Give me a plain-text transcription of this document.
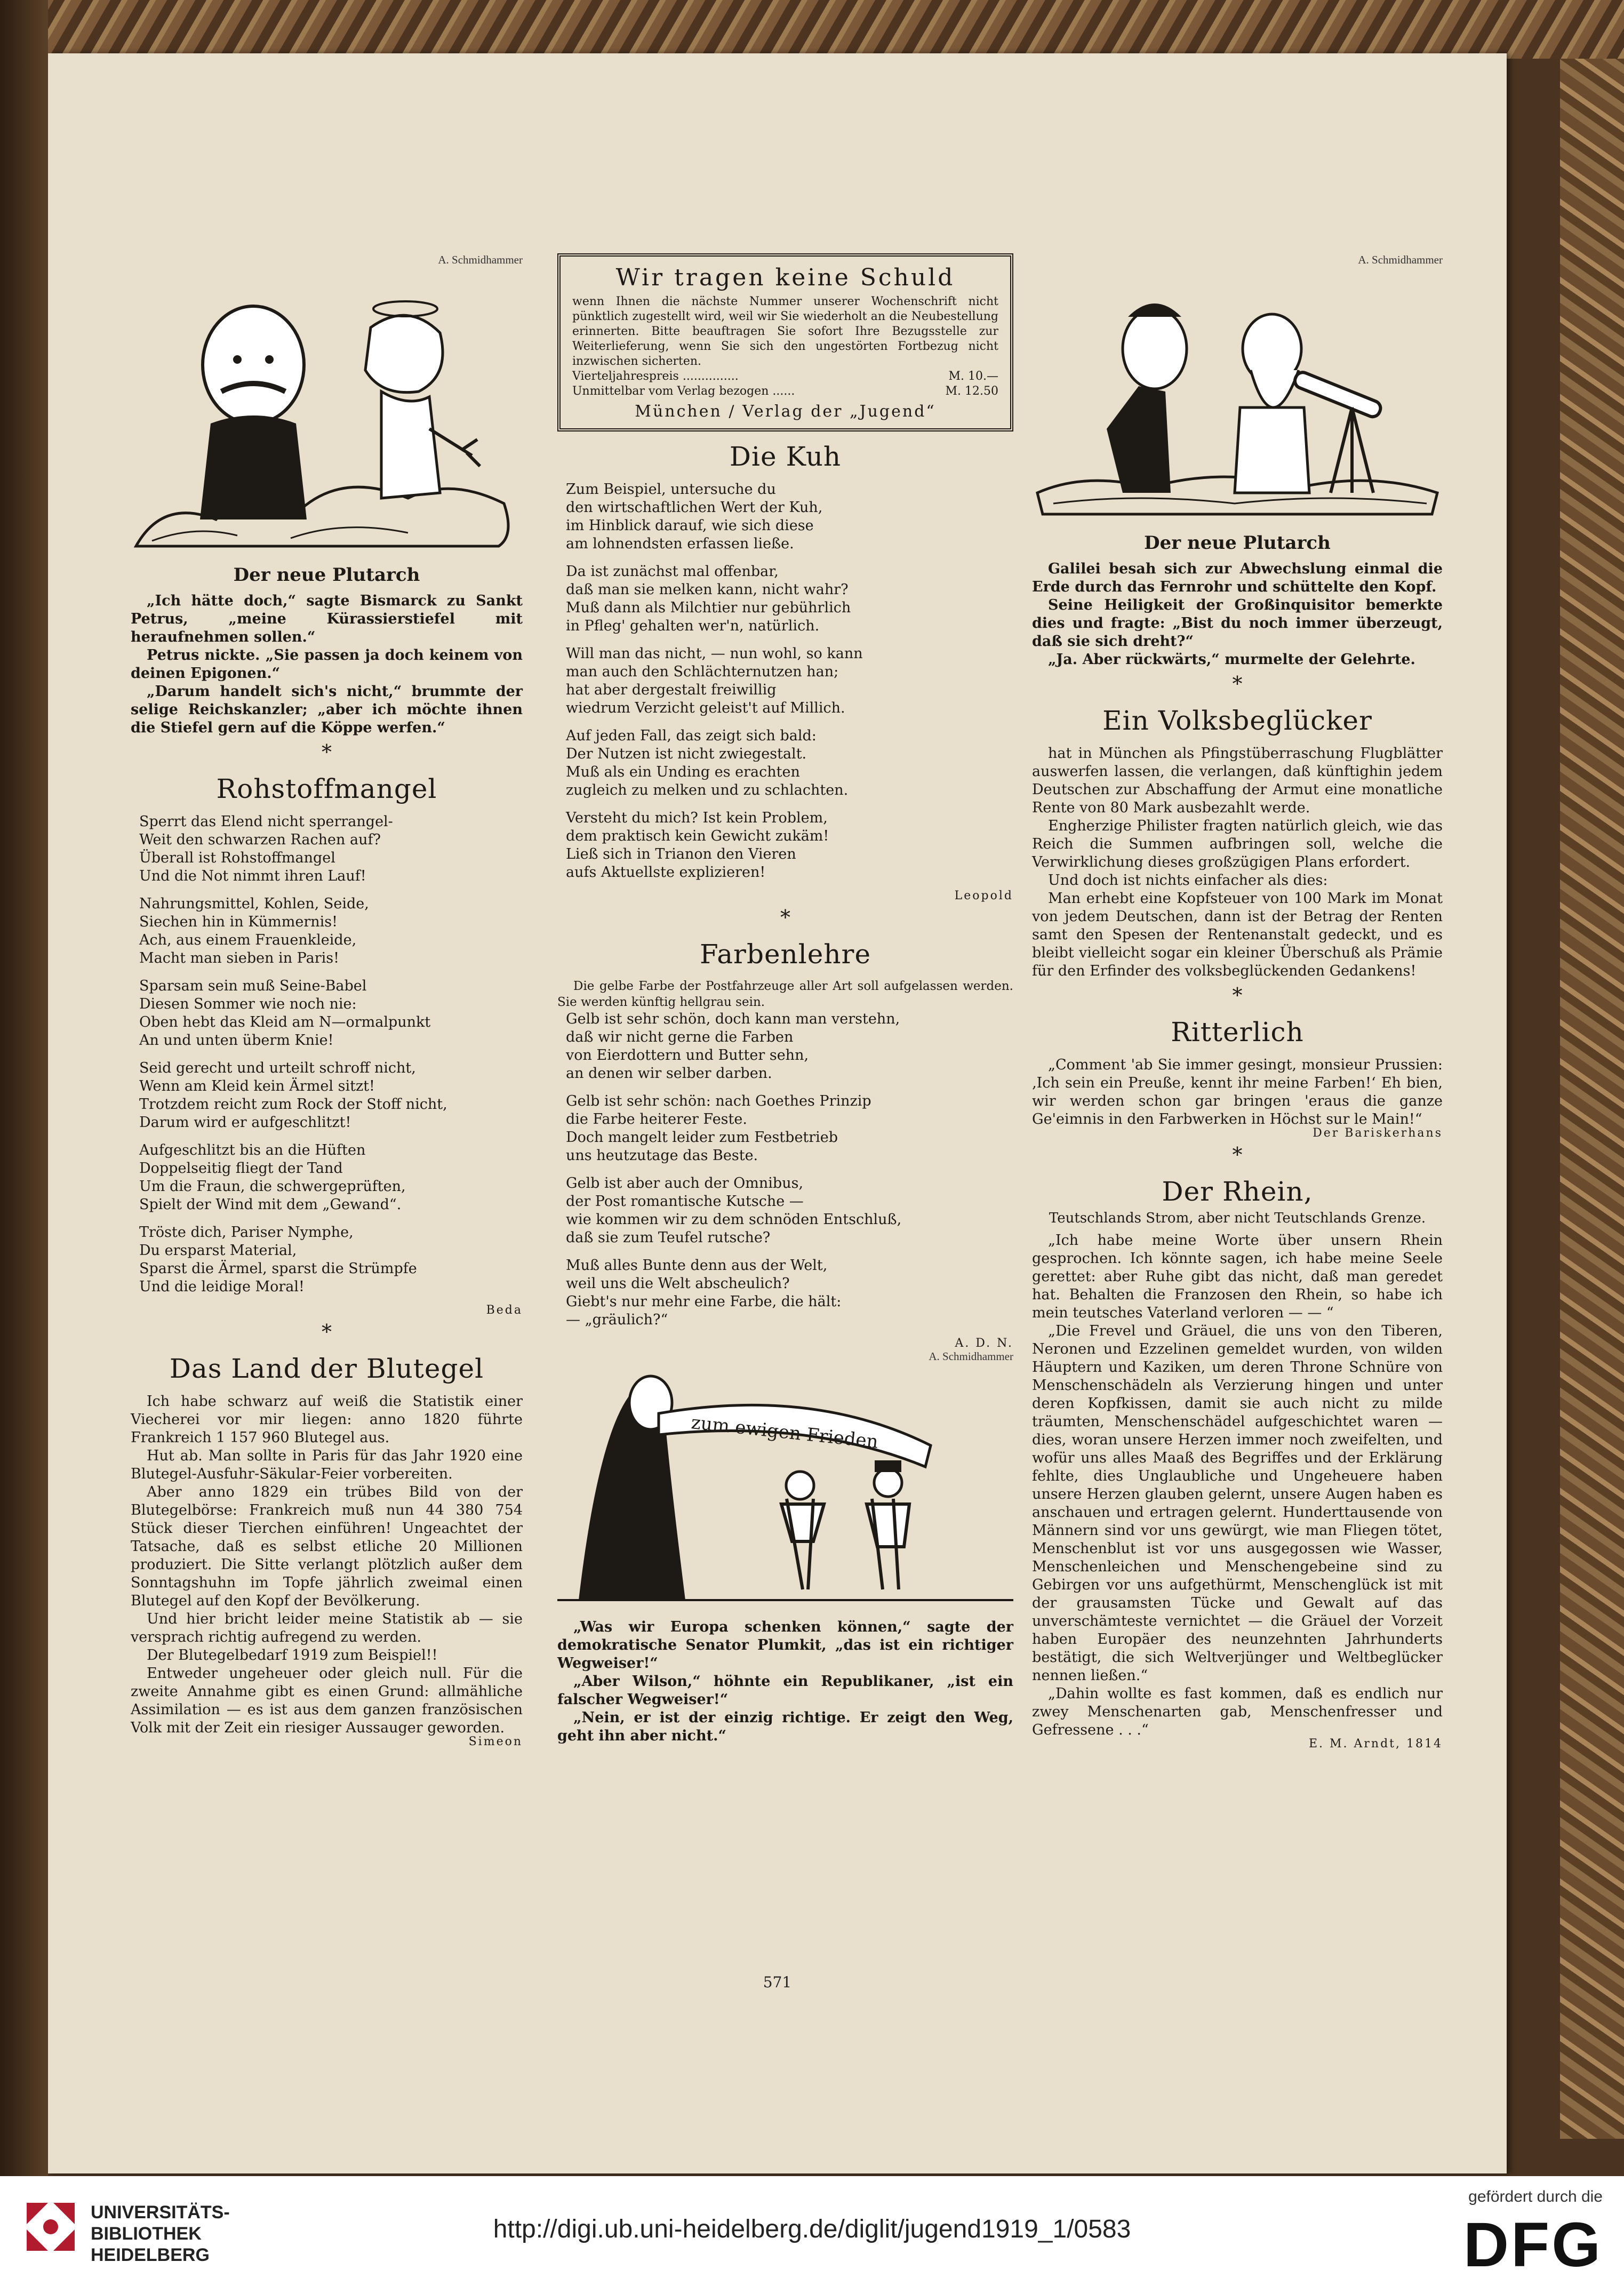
A. Schmidhammer
Der neue Plutarch

„Ich hätte doch,“ sagte Bismarck zu Sankt Petrus, „meine Kürassierstiefel mit heraufnehmen sollen.“

Petrus nickte. „Sie passen ja doch keinem von deinen Epigonen.“

„Darum handelt sich's nicht,“ brummte der selige Reichskanzler; „aber ich möchte ihnen die Stiefel gern auf die Köppe werfen.“

*
Rohstoffmangel
Sperrt das Elend nicht sperrangel-
Weit den schwarzen Rachen auf?
Überall ist Rohstoffmangel
Und die Not nimmt ihren Lauf!
Nahrungsmittel, Kohlen, Seide,
Siechen hin in Kümmernis!
Ach, aus einem Frauenkleide,
Macht man sieben in Paris!
Sparsam sein muß Seine-Babel
Diesen Sommer wie noch nie:
Oben hebt das Kleid am N—ormalpunkt
An und unten überm Knie!
Seid gerecht und urteilt schroff nicht,
Wenn am Kleid kein Ärmel sitzt!
Trotzdem reicht zum Rock der Stoff nicht,
Darum wird er aufgeschlitzt!
Aufgeschlitzt bis an die Hüften
Doppelseitig fliegt der Tand
Um die Fraun, die schwergeprüften,
Spielt der Wind mit dem „Gewand“.
Tröste dich, Pariser Nymphe,
Du ersparst Material,
Sparst die Ärmel, sparst die Strümpfe
Und die leidige Moral!
Beda
*
Das Land der Blutegel

Ich habe schwarz auf weiß die Statistik einer Viecherei vor mir liegen: anno 1820 führte Frankreich 1 157 960 Blutegel aus.

Hut ab. Man sollte in Paris für das Jahr 1920 eine Blutegel-Ausfuhr-Säkular-Feier vorbereiten.

Aber anno 1829 ein trübes Bild von der Blutegelbörse: Frankreich muß nun 44 380 754 Stück dieser Tierchen einführen! Ungeachtet der Tatsache, daß es selbst etliche 20 Millionen produziert. Die Sitte verlangt plötzlich außer dem Sonntagshuhn im Topfe jährlich zweimal einen Blutegel auf den Kopf der Bevölkerung.

Und hier bricht leider meine Statistik ab — sie versprach richtig aufregend zu werden.

Der Blutegelbedarf 1919 zum Beispiel!!

Entweder ungeheuer oder gleich null. Für die zweite Annahme gibt es einen Grund: allmähliche Assimilation — es ist aus dem ganzen französischen Volk mit der Zeit ein riesiger Aussauger geworden.

Simeon
Wir tragen keine Schuld
wenn Ihnen die nächste Nummer unserer Wochenschrift nicht pünktlich zugestellt wird, weil wir Sie wiederholt an die Neubestellung erinnerten. Bitte beauftragen Sie sofort Ihre Bezugsstelle zur Weiterlieferung, wenn Sie sich den ungestörten Fortbezug nicht inzwischen sicherten.
Vierteljahrespreis ...............	M. 10.—
Unmittelbar vom Verlag bezogen ......	M. 12.50
München / Verlag der „Jugend“
Die Kuh
Zum Beispiel, untersuche du
den wirtschaftlichen Wert der Kuh,
im Hinblick darauf, wie sich diese
am lohnendsten erfassen ließe.
Da ist zunächst mal offenbar,
daß man sie melken kann, nicht wahr?
Muß dann als Milchtier nur gebührlich
in Pfleg' gehalten wer'n, natürlich.
Will man das nicht, — nun wohl, so kann
man auch den Schlächternutzen han;
hat aber dergestalt freiwillig
wiedrum Verzicht geleist't auf Millich.
Auf jeden Fall, das zeigt sich bald:
Der Nutzen ist nicht zwiegestalt.
Muß als ein Unding es erachten
zugleich zu melken und zu schlachten.
Versteht du mich? Ist kein Problem,
dem praktisch kein Gewicht zukäm!
Ließ sich in Trianon den Vieren
aufs Aktuellste explizieren!
Leopold
*
Farbenlehre

Die gelbe Farbe der Postfahrzeuge aller Art soll aufgelassen werden. Sie werden künftig hellgrau sein.

Gelb ist sehr schön, doch kann man verstehn,
daß wir nicht gerne die Farben
von Eierdottern und Butter sehn,
an denen wir selber darben.
Gelb ist sehr schön: nach Goethes Prinzip
die Farbe heiterer Feste.
Doch mangelt leider zum Festbetrieb
uns heutzutage das Beste.
Gelb ist aber auch der Omnibus,
der Post romantische Kutsche —
wie kommen wir zu dem schnöden Entschluß,
daß sie zum Teufel rutsche?
Muß alles Bunte denn aus der Welt,
weil uns die Welt abscheulich?
Giebt's nur mehr eine Farbe, die hält:
— „gräulich?“
A. D. N.
A. Schmidhammer
zum ewigen Frieden

„Was wir Europa schenken können,“ sagte der demokratische Senator Plumkit, „das ist ein richtiger Wegweiser!“

„Aber Wilson,“ höhnte ein Republikaner, „ist ein falscher Wegweiser!“

„Nein, er ist der einzig richtige. Er zeigt den Weg, geht ihn aber nicht.“

A. Schmidhammer
Der neue Plutarch

Galilei besah sich zur Abwechslung einmal die Erde durch das Fernrohr und schüttelte den Kopf.

Seine Heiligkeit der Großinquisitor bemerkte dies und fragte: „Bist du noch immer überzeugt, daß sie sich dreht?“

„Ja. Aber rückwärts,“ murmelte der Gelehrte.

*
Ein Volksbeglücker

hat in München als Pfingstüberraschung Flugblätter auswerfen lassen, die verlangen, daß künftighin jedem Deutschen zur Abschaffung der Armut eine monatliche Rente von 80 Mark ausbezahlt werde.

Engherzige Philister fragten natürlich gleich, wie das Reich die Summen aufbringen soll, welche die Verwirklichung dieses großzügigen Plans erfordert.

Und doch ist nichts einfacher als dies:

Man erhebt eine Kopfsteuer von 100 Mark im Monat von jedem Deutschen, dann ist der Betrag der Renten samt den Spesen der Rentenanstalt gedeckt, und es bleibt vielleicht sogar ein kleiner Überschuß als Prämie für den Erfinder des volksbeglückenden Gedankens!

*
Ritterlich

„Comment 'ab Sie immer gesingt, monsieur Prussien: ‚Ich sein ein Preuße, kennt ihr meine Farben!‘ Eh bien, wir werden schon gar bringen 'eraus die ganze Ge'eimnis in den Farbwerken in Höchst sur le Main!“

Der Bariskerhans
*
Der Rhein,
Teutschlands Strom, aber nicht Teutschlands Grenze.

„Ich habe meine Worte über unsern Rhein gesprochen. Ich könnte sagen, ich habe meine Seele gerettet: aber Ruhe gibt das nicht, daß man geredet hat. Behalten die Franzosen den Rhein, so habe ich mein teutsches Vaterland verloren — — “

„Die Frevel und Gräuel, die uns von den Tiberen, Neronen und Ezzelinen gemeldet wurden, von wilden Häuptern und Kaziken, um deren Throne Schnüre von Menschenschädeln als Verzierung hingen und unter deren Kopfkissen, damit sie auch nicht zu milde träumten, Menschenschädel aufgeschichtet waren — dies, woran unsere Herzen immer noch zweifelten, und wofür uns alles Maaß des Begriffes und der Erklärung fehlte, dies Unglaubliche und Ungeheuere haben unsere Herzen glauben gelernt, unsere Augen haben es anschauen und ertragen gelernt. Hunderttausende von Männern sind vor uns gewürgt, wie man Fliegen tötet, Menschenblut ist vor uns ausgegossen wie Wasser, Menschenleichen und Menschengebeine sind zu Gebirgen vor uns aufgethürmt, Menschenglück ist mit der grausamsten Tücke und Gewalt auf das unverschämteste vernichtet — die Gräuel der Vorzeit haben Europäer des neunzehnten Jahrhunderts bestätigt, die sich Weltverjünger und Weltbeglücker nennen ließen.“

„Dahin wollte es fast kommen, daß es endlich nur zwey Menschenarten gab, Menschenfresser und Gefressene . . .“

E. M. Arndt, 1814
571
UNIVERSITÄTS-
BIBLIOTHEK
HEIDELBERG
http://digi.ub.uni-heidelberg.de/diglit/jugend1919_1/0583
gefördert durch die
DFG
